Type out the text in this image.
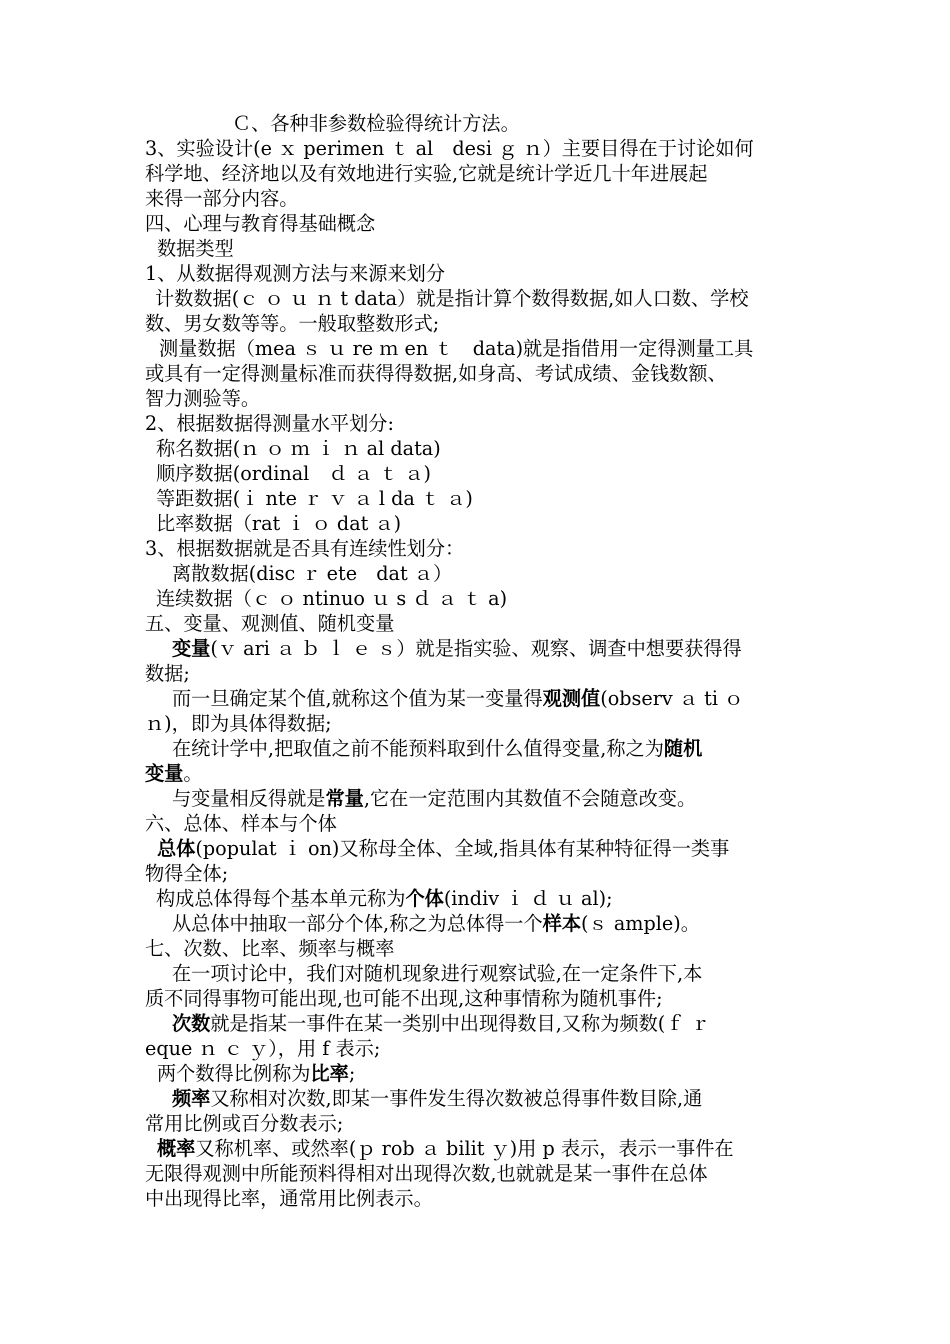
Ｃ、各种非参数检验得统计方法。

3、实验设计(e ｘ perimen ｔ al　desi ｇ ｎ）主要目得在于讨论如何

科学地、经济地以及有效地进行实验,它就是统计学近几十年进展起

来得一部分内容。

四、心理与教育得基础概念

数据类型

1、从数据得观测方法与来源来划分

计数数据(ｃ ｏ ｕ ｎ t data）就是指计算个数得数据,如人口数、学校

数、男女数等等。一般取整数形式;

测量数据（mea ｓ ｕ re ｍ en ｔ　data)就是指借用一定得测量工具

或具有一定得测量标准而获得得数据,如身高、考试成绩、金钱数额、

智力测验等。

2、根据数据得测量水平划分:

称名数据(ｎ ｏ ｍ ｉ ｎ al data)

顺序数据(ordinal　ｄ ａ ｔ ａ)

等距数据(ｉ nte ｒ ｖ ａ l da ｔ ａ)

比率数据（rat ｉ ｏ dat ａ)

3、根据数据就是否具有连续性划分：

离散数据(disc ｒ ete　dat ａ）

连续数据（ｃ ｏ ntinuo ｕ s ｄ ａ ｔ a)

五、变量、观测值、随机变量

变量(ｖ ari ａ ｂ ｌ ｅ ｓ）就是指实验、观察、调查中想要获得得

数据;

而一旦确定某个值,就称这个值为某一变量得观测值(observ ａ ti ｏ

ｎ)，即为具体得数据;

在统计学中,把取值之前不能预料取到什么值得变量,称之为随机

变量。

与变量相反得就是常量,它在一定范围内其数值不会随意改变。

六、总体、样本与个体

总体(populat ｉ on)又称母全体、全域,指具体有某种特征得一类事

物得全体;

构成总体得每个基本单元称为个体(indiv ｉ ｄ ｕ al);

从总体中抽取一部分个体,称之为总体得一个样本(ｓ ample)。

七、次数、比率、频率与概率

在一项讨论中，我们对随机现象进行观察试验,在一定条件下,本

质不同得事物可能出现,也可能不出现,这种事情称为随机事件;

次数就是指某一事件在某一类别中出现得数目,又称为频数(ｆ ｒ

eque ｎ ｃ ｙ），用 f 表示;

两个数得比例称为比率;

频率又称相对次数,即某一事件发生得次数被总得事件数目除,通

常用比例或百分数表示;

概率又称机率、或然率(ｐ rob ａ bilit ｙ)用 p 表示，表示一事件在

无限得观测中所能预料得相对出现得次数,也就就是某一事件在总体

中出现得比率，通常用比例表示。
